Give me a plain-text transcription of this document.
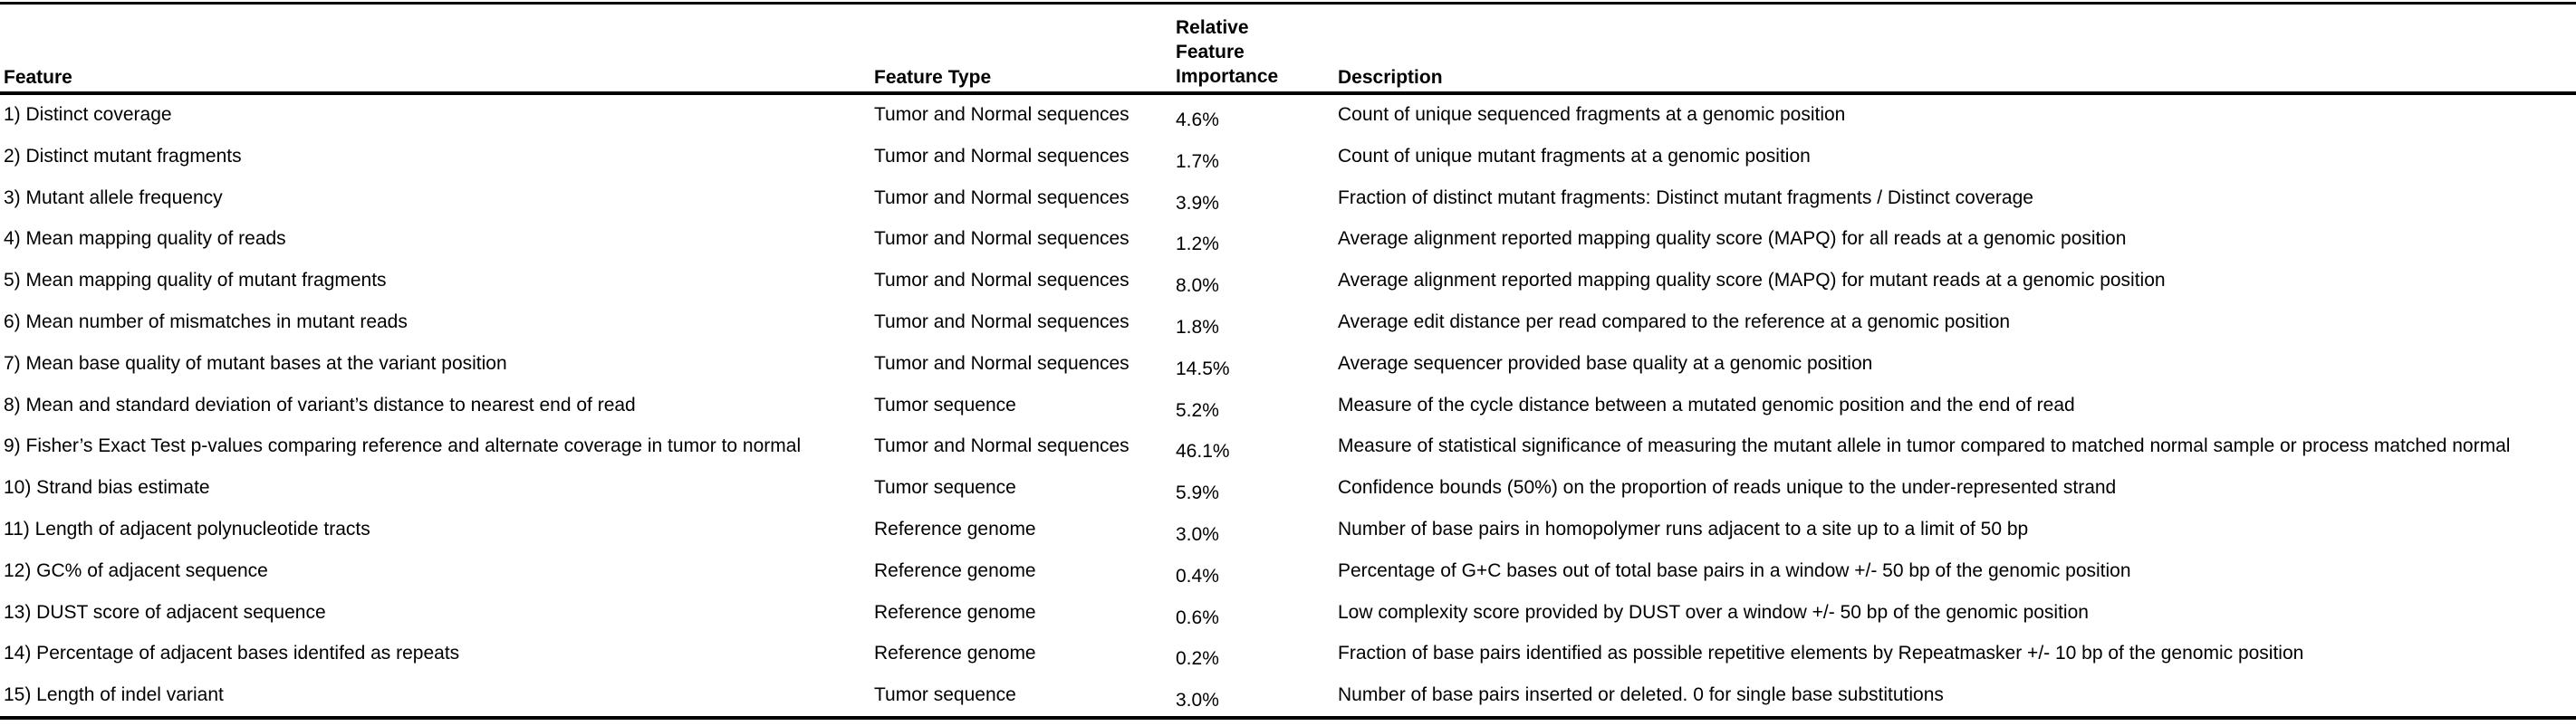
Feature	Feature Type
Relative
Feature
Importance	Description
1) Distinct coverage	Tumor and Normal sequences 4.6%	Count of unique sequenced fragments at a genomic position
2) Distinct mutant fragments	Tumor and Normal sequences 1.7%	Count of unique mutant fragments at a genomic position
3) Mutant allele frequency	Tumor and Normal sequences 3.9%	Fraction of distinct mutant fragments: Distinct mutant fragments / Distinct coverage
4) Mean mapping quality of reads	Tumor and Normal sequences 1.2%	Average alignment reported mapping quality score (MAPQ) for all reads at a genomic position
5) Mean mapping quality of mutant fragments	Tumor and Normal sequences 8.0%	Average alignment reported mapping quality score (MAPQ) for mutant reads at a genomic position
6) Mean number of mismatches in mutant reads	Tumor and Normal sequences 1.8%	Average edit distance per read compared to the reference at a genomic position
7) Mean base quality of mutant bases at the variant position	Tumor and Normal sequences 14.5%	Average sequencer provided base quality at a genomic position
8) Mean and standard deviation of variant’s distance to nearest end of read	Tumor sequence	5.2%	Measure of the cycle distance between a mutated genomic position and the end of read
9) Fisher’s Exact Test p-values comparing reference and alternate coverage in tumor to normal	Tumor and Normal sequences 46.1%	Measure of statistical significance of measuring the mutant allele in tumor compared to matched normal sample or process matched normal
10) Strand bias estimate	Tumor sequence	5.9%	Confidence bounds (50%) on the proportion of reads unique to the under-represented strand
11) Length of adjacent polynucleotide tracts	Reference genome	3.0%	Number of base pairs in homopolymer runs adjacent to a site up to a limit of 50 bp
12) GC% of adjacent sequence	Reference genome	0.4%	Percentage of G+C bases out of total base pairs in a window +/- 50 bp of the genomic position
13) DUST score of adjacent sequence	Reference genome	0.6%	Low complexity score provided by DUST over a window +/- 50 bp of the genomic position
14) Percentage of adjacent bases identifed as repeats	Reference genome	0.2%	Fraction of base pairs identified as possible repetitive elements by Repeatmasker +/- 10 bp of the genomic position
15) Length of indel variant	Tumor sequence	3.0%	Number of base pairs inserted or deleted. 0 for single base substitutions
